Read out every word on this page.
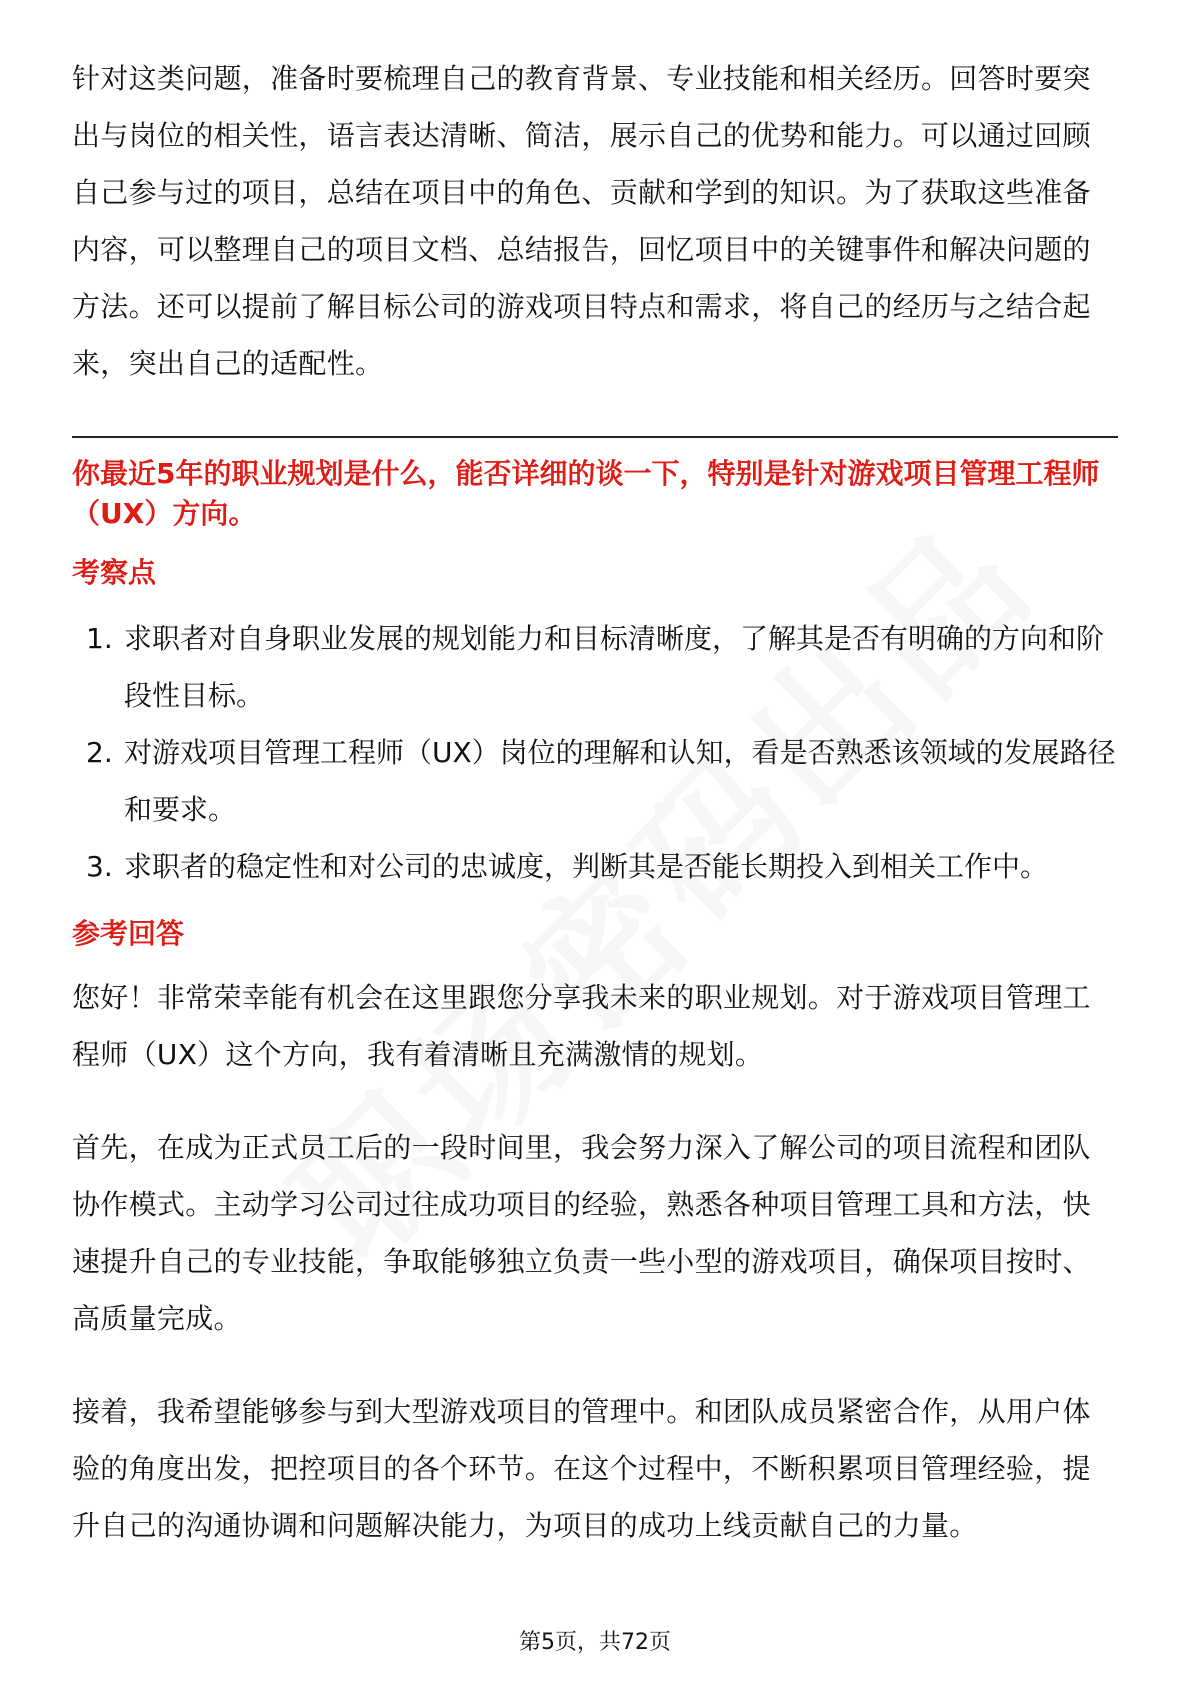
针对这类问题，准备时要梳理自己的教育背景、专业技能和相关经历。回答时要突出与岗位的相关性，语言表达清晰、简洁，展示自己的优势和能力。可以通过回顾自己参与过的项目，总结在项目中的角色、贡献和学到的知识。为了获取这些准备内容，可以整理自己的项目文档、总结报告，回忆项目中的关键事件和解决问题的方法。还可以提前了解目标公司的游戏项目特点和需求，将自己的经历与之结合起来，突出自己的适配性。

你最近5年的职业规划是什么，能否详细的谈一下，特别是针对游戏项目管理工程师（UX）方向。

考察点
1. 求职者对自身职业发展的规划能力和目标清晰度，了解其是否有明确的方向和阶段性目标。
2. 对游戏项目管理工程师（UX）岗位的理解和认知，看是否熟悉该领域的发展路径和要求。
3. 求职者的稳定性和对公司的忠诚度，判断其是否能长期投入到相关工作中。
参考回答

您好！非常荣幸能有机会在这里跟您分享我未来的职业规划。对于游戏项目管理工程师（UX）这个方向，我有着清晰且充满激情的规划。

首先，在成为正式员工后的一段时间里，我会努力深入了解公司的项目流程和团队协作模式。主动学习公司过往成功项目的经验，熟悉各种项目管理工具和方法，快速提升自己的专业技能，争取能够独立负责一些小型的游戏项目，确保项目按时、高质量完成。

接着，我希望能够参与到大型游戏项目的管理中。和团队成员紧密合作，从用户体验的角度出发，把控项目的各个环节。在这个过程中，不断积累项目管理经验，提升自己的沟通协调和问题解决能力，为项目的成功上线贡献自己的力量。

第5页，共72页
